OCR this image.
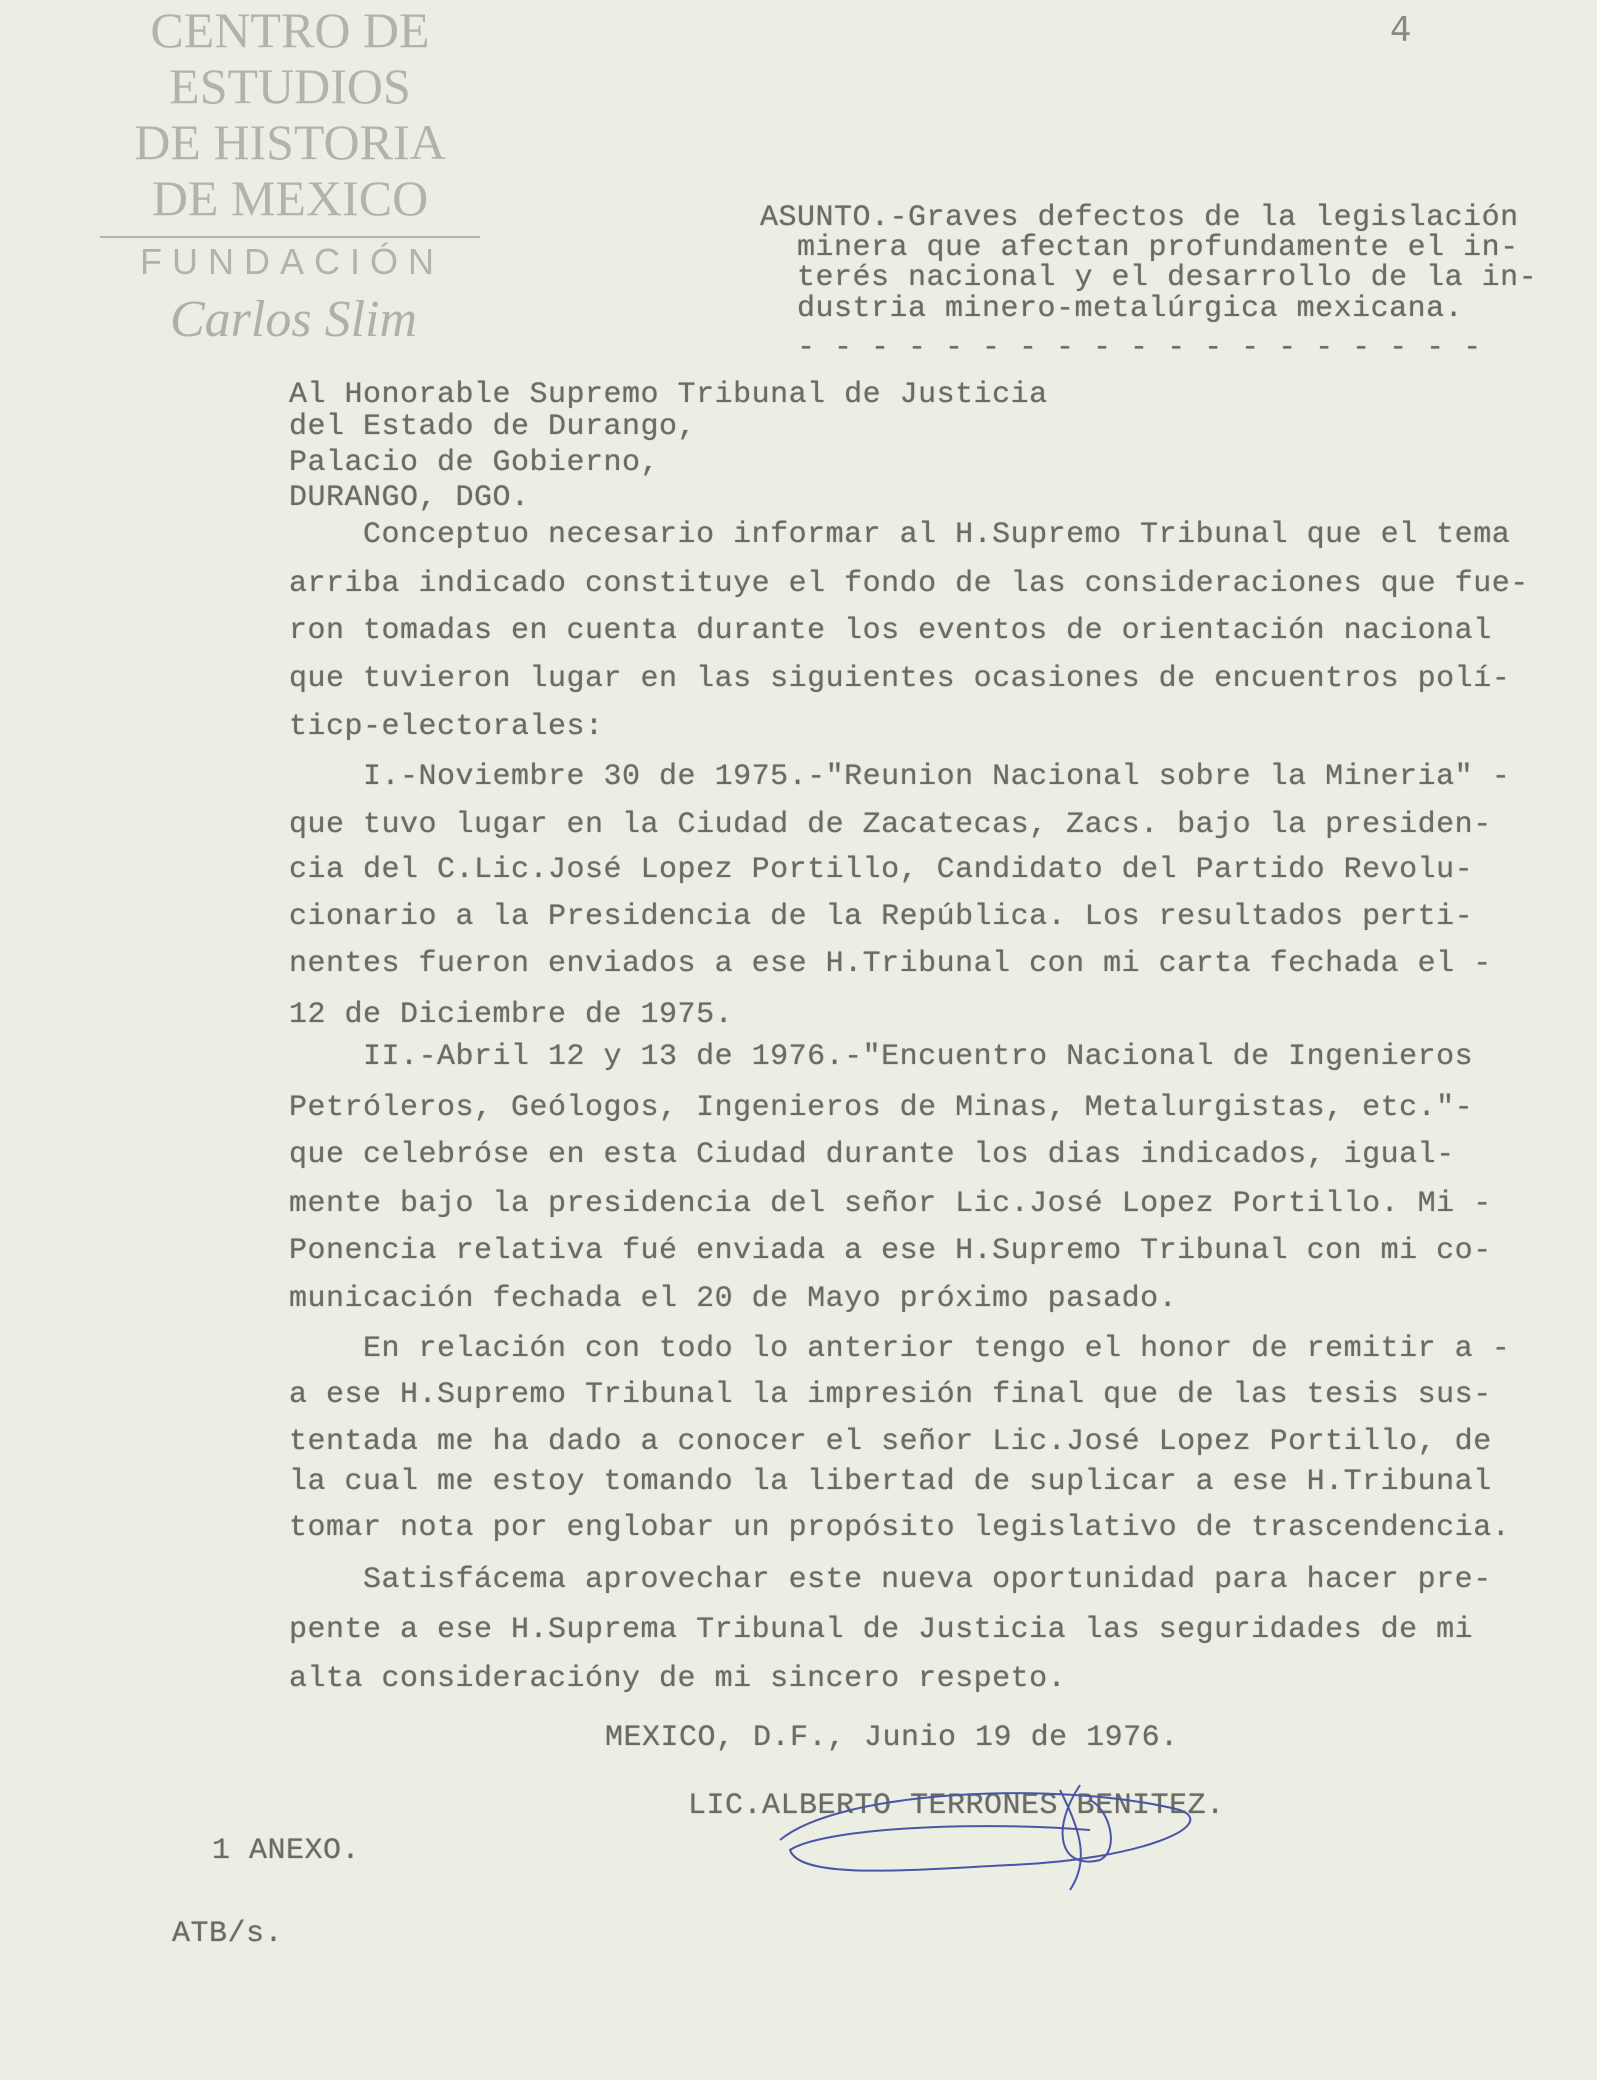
4
CENTRO DE
ESTUDIOS
DE HISTORIA
DE MEXICO
FUNDACIÓN
Carlos Slim
ASUNTO.-Graves defectos de la legislación
minera que afectan profundamente el in-
terés nacional y el desarrollo de la in-
dustria minero-metalúrgica mexicana.
- - - - - - - - - - - - - - - - - - -
Al Honorable Supremo Tribunal de Justicia
del Estado de Durango,
Palacio de Gobierno,
DURANGO, DGO.
Conceptuo necesario informar al H.Supremo Tribunal que el tema
arriba indicado constituye el fondo de las consideraciones que fue-
ron tomadas en cuenta durante los eventos de orientación nacional
que tuvieron lugar en las siguientes ocasiones de encuentros polí-
ticp-electorales:
I.-Noviembre 30 de 1975.-"Reunion Nacional sobre la Mineria" -
que tuvo lugar en la Ciudad de Zacatecas, Zacs. bajo la presiden-
cia del C.Lic.José Lopez Portillo, Candidato del Partido Revolu-
cionario a la Presidencia de la República. Los resultados perti-
nentes fueron enviados a ese H.Tribunal con mi carta fechada el -
12 de Diciembre de 1975.
II.-Abril 12 y 13 de 1976.-"Encuentro Nacional de Ingenieros
Petróleros, Geólogos, Ingenieros de Minas, Metalurgistas, etc."-
que celebróse en esta Ciudad durante los dias indicados, igual-
mente bajo la presidencia del señor Lic.José Lopez Portillo. Mi -
Ponencia relativa fué enviada a ese H.Supremo Tribunal con mi co-
municación fechada el 20 de Mayo próximo pasado.
En relación con todo lo anterior tengo el honor de remitir a -
a ese H.Supremo Tribunal la impresión final que de las tesis sus-
tentada me ha dado a conocer el señor Lic.José Lopez Portillo, de
la cual me estoy tomando la libertad de suplicar a ese H.Tribunal
tomar nota por englobar un propósito legislativo de trascendencia.
Satisfácema aprovechar este nueva oportunidad para hacer pre-
pente a ese H.Suprema Tribunal de Justicia las seguridades de mi
alta consideracióny de mi sincero respeto.
MEXICO, D.F., Junio 19 de 1976.
LIC.ALBERTO TERRONES BENITEZ.
1 ANEXO.
ATB/s.
